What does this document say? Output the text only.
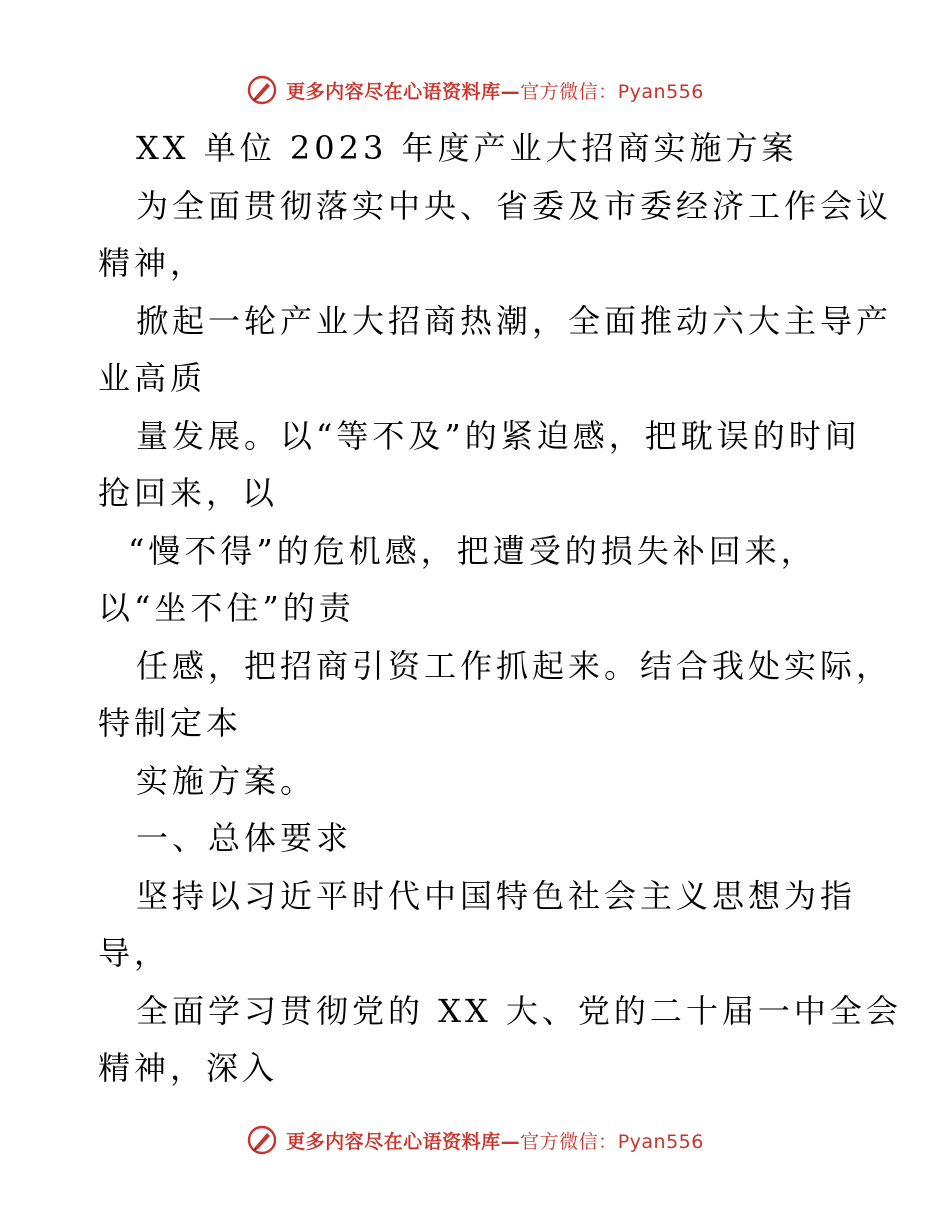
更多内容尽在心语资料库—官方微信：Pyan556
XX 单位 2023 年度产业大招商实施方案
为全面贯彻落实中央、省委及市委经济工作会议
精神，
掀起一轮产业大招商热潮，全面推动六大主导产
业高质
量发展。以“等不及”的紧迫感，把耽误的时间
抢回来，以
“慢不得”的危机感，把遭受的损失补回来，
以“坐不住”的责
任感，把招商引资工作抓起来。结合我处实际，
特制定本
实施方案。
一、总体要求
坚持以习近平时代中国特色社会主义思想为指
导，
全面学习贯彻党的 XX 大、党的二十届一中全会
精神，深入
更多内容尽在心语资料库—官方微信：Pyan556
